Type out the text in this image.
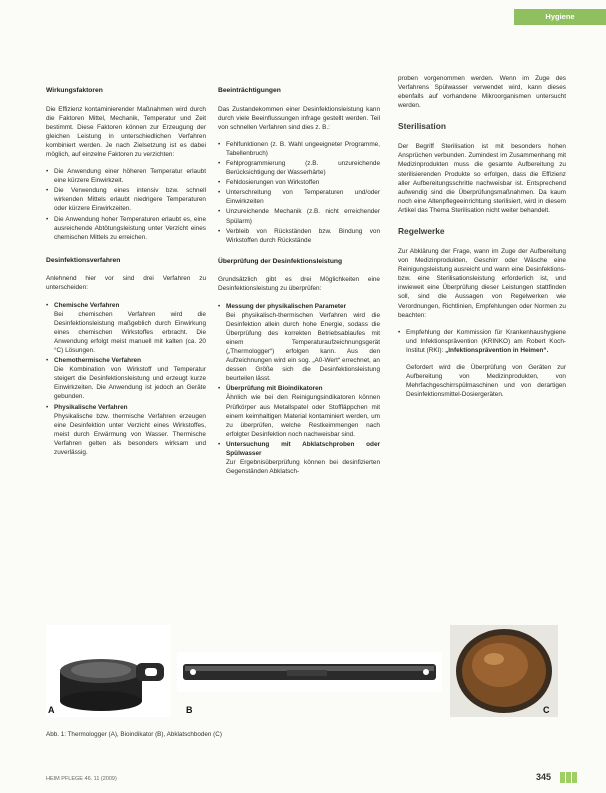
Hygiene
Wirkungsfaktoren

Die Effizienz kontaminierender Maßnahmen wird durch die Faktoren Mittel, Mechanik, Temperatur und Zeit bestimmt. Diese Faktoren können zur Erzeugung der gleichen Leistung in unterschiedlichen Verfahren kombiniert werden. Je nach Zielsetzung ist es dabei möglich, auf einzelne Faktoren zu verzichten:

• Die Anwendung einer höheren Temperatur erlaubt eine kürzere Einwirkzeit.
• Die Verwendung eines intensiv bzw. schnell wirkenden Mittels erlaubt niedrigere Temperaturen oder kürzere Einwirkzeiten.
• Die Anwendung hoher Temperaturen erlaubt es, eine ausreichende Abtötungsleistung unter Verzicht eines chemischen Mittels zu erreichen.
Desinfektionsverfahren

Anlehnend hier vor sind drei Verfahren zu unterscheiden:

• Chemische Verfahren
Bei chemischen Verfahren wird die Desinfektionsleistung maßgeblich durch Einwirkung eines chemischen Wirkstoffes erbracht. Die Anwendung erfolgt meist manuell mit kalten (ca. 20 °C) Lösungen.
• Chemothermische Verfahren
Die Kombination von Wirkstoff und Temperatur steigert die Desinfektionsleistung und erzeugt kurze Einwirkzeiten. Die Anwendung ist jedoch an Geräte gebunden.
• Physikalische Verfahren
Physikalische bzw. thermische Verfahren erzeugen eine Desinfektion unter Verzicht eines Wirkstoffes, meist durch Erwärmung von Wasser. Thermische Verfahren gelten als besonders wirksam und zuverlässig.
Beeinträchtigungen

Das Zustandekommen einer Desinfektionsleistung kann durch viele Beeinflussungen infrage gestellt werden. Teil von schnellen Verfahren sind dies z. B.:

• Fehlfunktionen (z. B. Wahl ungeeigneter Programme, Tabellenbruch)
• Fehlprogrammierung (z.B. unzureichende Berücksichtigung der Wasserhärte)
• Fehldosierungen von Wirkstoffen
• Unterschreitung von Temperaturen und/oder Einwirkzeiten
• Unzureichende Mechanik (z.B. nicht erreichender Spülarm)
• Verbleib von Rückständen bzw. Bindung von Wirkstoffen durch Rückstände
Überprüfung der Desinfektionsleistung

Grundsätzlich gibt es drei Möglichkeiten eine Desinfektionsleistung zu überprüfen:

• Messung der physikalischen Parameter
Bei physikalisch-thermischen Verfahren wird die Desinfektion allein durch hohe Energie, sodass die Überprüfung des korrekten Betriebsablaufes mit einem Temperaturaufzeichnungsgerät („Thermologger“) erfolgen kann. Aus den Aufzeichnungen wird ein sog. „A0-Wert“ errechnet, an dessen Größe sich die Desinfektionsleistung beurteilen lässt.
• Überprüfung mit Bioindikatoren
Ähnlich wie bei den Reinigungsindikatoren können Prüfkörper aus Metallspatel oder Stoffläppchen mit einem keimhaltigen Material kontaminiert werden, um zu überprüfen, welche Restkeimmengen nach erfolgter Desinfektion noch nachweisbar sind.
• Untersuchung mit Abklatschproben oder Spülwasser
Zur Ergebnisüberprüfung können bei desinfizierten Gegenständen Abklatsch-

proben vorgenommen werden. Wenn im Zuge des Verfahrens Spülwasser verwendet wird, kann dieses ebenfalls auf vorhandene Mikroorganismen untersucht werden.

Sterilisation

Der Begriff Sterilisation ist mit besonders hohen Ansprüchen verbunden. Zumindest im Zusammenhang mit Medizinprodukten muss die gesamte Aufbereitung zu sterilisierenden Produkte so erfolgen, dass die Effizienz aller Aufbereitungsschritte nachweisbar ist. Entsprechend aufwendig sind die Überprüfungsmaßnahmen. Da kaum noch eine Altenpflegeeinrichtung sterilisiert, wird in diesem Artikel das Thema Sterilisation nicht weiter behandelt.

Regelwerke

Zur Abklärung der Frage, wann im Zuge der Aufbereitung von Medizinprodukten, Geschirr oder Wäsche eine Reinigungsleistung ausreicht und wann eine Desinfektions- bzw. eine Sterilisationsleistung erforderlich ist, und inwieweit eine Überprüfung dieser Leistungen stattfinden soll, sind die Aussagen von Regelwerken wie Verordnungen, Richtlinien, Empfehlungen oder Normen zu beachten:

• Empfehlung der Kommission für Krankenhaushygiene und Infektionsprävention (KRINKO) am Robert Koch-Institut (RKI): „Infektionsprävention in Heimen“.

Gefordert wird die Überprüfung von Geräten zur Aufbereitung von Medizinprodukten, von Mehrfachgeschirrspülmaschinen und von derartigen Desinfektionsmittel-Dosiergeräten.

A	B	C
Abb. 1: Thermologger (A), Bioindikator (B), Abklatschboden (C)
HEIM PFLEGE 46. 11 (2009)	345
